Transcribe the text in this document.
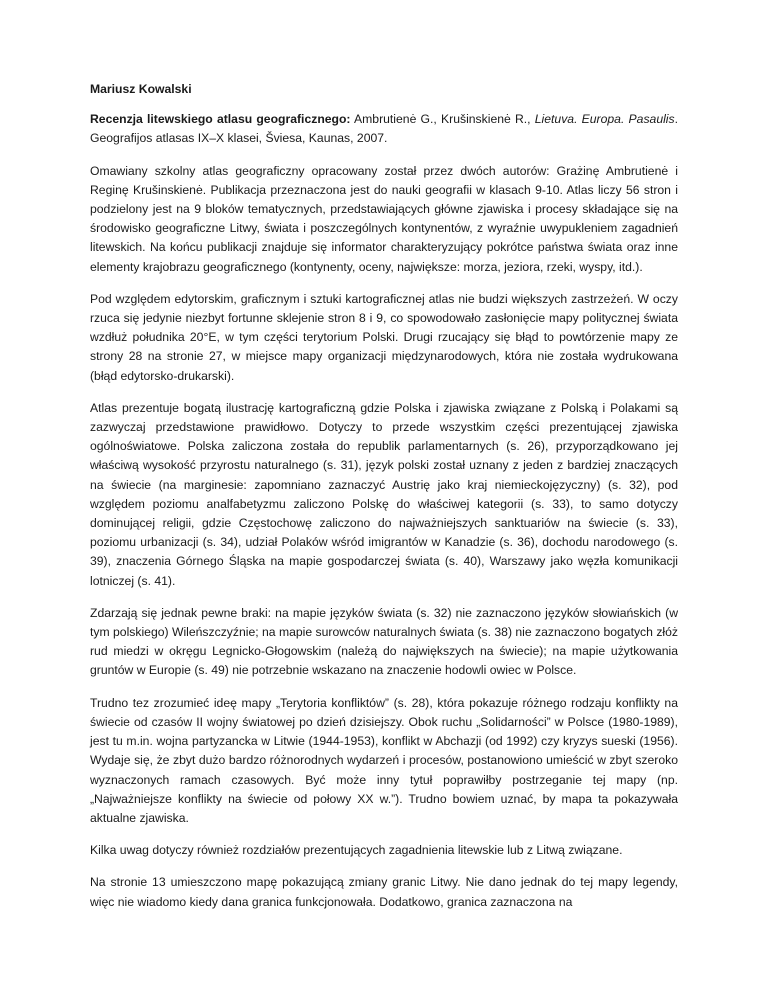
Mariusz Kowalski

Recenzja litewskiego atlasu geograficznego: Ambrutienė G., Krušinskienė R., Lietuva. Europa. Pasaulis. Geografijos atlasas IX–X klasei, Šviesa, Kaunas, 2007.

Omawiany szkolny atlas geograficzny opracowany został przez dwóch autorów: Grażinę Ambrutienė i Reginę Krušinskienė. Publikacja przeznaczona jest do nauki geografii w klasach 9-10. Atlas liczy 56 stron i podzielony jest na 9 bloków tematycznych, przedstawiających główne zjawiska i procesy składające się na środowisko geograficzne Litwy, świata i poszczególnych kontynentów, z wyraźnie uwypukleniem zagadnień litewskich. Na końcu publikacji znajduje się informator charakteryzujący pokrótce państwa świata oraz inne elementy krajobrazu geograficznego (kontynenty, oceny, największe: morza, jeziora, rzeki, wyspy, itd.).

Pod względem edytorskim, graficznym i sztuki kartograficznej atlas nie budzi większych zastrzeżeń. W oczy rzuca się jedynie niezbyt fortunne sklejenie stron 8 i 9, co spowodowało zasłonięcie mapy politycznej świata wzdłuż południka 20°E, w tym części terytorium Polski. Drugi rzucający się błąd to powtórzenie mapy ze strony 28 na stronie 27, w miejsce mapy organizacji międzynarodowych, która nie została wydrukowana (błąd edytorsko-drukarski).

Atlas prezentuje bogatą ilustrację kartograficzną gdzie Polska i zjawiska związane z Polską i Polakami są zazwyczaj przedstawione prawidłowo. Dotyczy to przede wszystkim części prezentującej zjawiska ogólnoświatowe. Polska zaliczona została do republik parlamentarnych (s. 26), przyporządkowano jej właściwą wysokość przyrostu naturalnego (s. 31), język polski został uznany z jeden z bardziej znaczących na świecie (na marginesie: zapomniano zaznaczyć Austrię jako kraj niemieckojęzyczny) (s. 32), pod względem poziomu analfabetyzmu zaliczono Polskę do właściwej kategorii (s. 33), to samo dotyczy dominującej religii, gdzie Częstochowę zaliczono do najważniejszych sanktuariów na świecie (s. 33), poziomu urbanizacji (s. 34), udział Polaków wśród imigrantów w Kanadzie (s. 36), dochodu narodowego (s. 39), znaczenia Górnego Śląska na mapie gospodarczej świata (s. 40), Warszawy jako węzła komunikacji lotniczej (s. 41).

Zdarzają się jednak pewne braki: na mapie języków świata (s. 32) nie zaznaczono języków słowiańskich (w tym polskiego) Wileńszczyźnie; na mapie surowców naturalnych świata (s. 38) nie zaznaczono bogatych złóż rud miedzi w okręgu Legnicko-Głogowskim (należą do największych na świecie); na mapie użytkowania gruntów w Europie (s. 49) nie potrzebnie wskazano na znaczenie hodowli owiec w Polsce.

Trudno tez zrozumieć ideę mapy „Terytoria konfliktów” (s. 28), która pokazuje różnego rodzaju konflikty na świecie od czasów II wojny światowej po dzień dzisiejszy. Obok ruchu „Solidarności” w Polsce (1980-1989), jest tu m.in. wojna partyzancka w Litwie (1944-1953), konflikt w Abchazji (od 1992) czy kryzys sueski (1956). Wydaje się, że zbyt dużo bardzo różnorodnych wydarzeń i procesów, postanowiono umieścić w zbyt szeroko wyznaczonych ramach czasowych. Być może inny tytuł poprawiłby postrzeganie tej mapy (np. „Najważniejsze konflikty na świecie od połowy XX w.”). Trudno bowiem uznać, by mapa ta pokazywała aktualne zjawiska.

Kilka uwag dotyczy również rozdziałów prezentujących zagadnienia litewskie lub z Litwą związane.

Na stronie 13 umieszczono mapę pokazującą zmiany granic Litwy. Nie dano jednak do tej mapy legendy, więc nie wiadomo kiedy dana granica funkcjonowała. Dodatkowo, granica zaznaczona na
